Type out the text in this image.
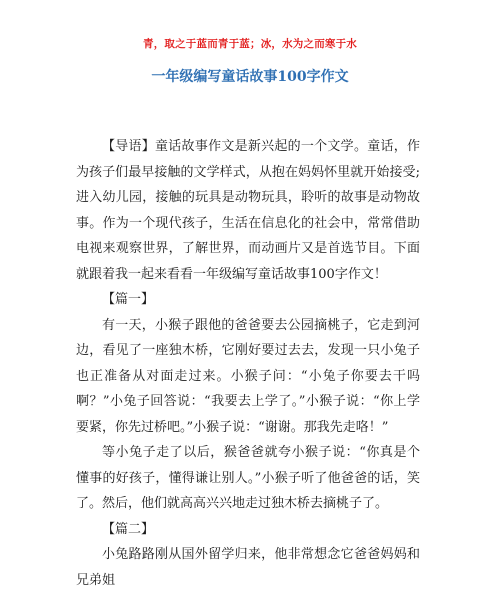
青，取之于蓝而青于蓝；冰，水为之而寒于水
一年级编写童话故事100字作文

【导语】童话故事作文是新兴起的一个文学。童话，作为孩子们最早接触的文学样式，从抱在妈妈怀里就开始接受;进入幼儿园，接触的玩具是动物玩具，聆听的故事是动物故事。作为一个现代孩子，生活在信息化的社会中，常常借助电视来观察世界，了解世界，而动画片又是首选节目。下面就跟着我一起来看看一年级编写童话故事100字作文！

【篇一】

有一天，小猴子跟他的爸爸要去公园摘桃子，它走到河边，看见了一座独木桥，它刚好要过去去，发现一只小兔子也正准备从对面走过来。小猴子问：“小兔子你要去干吗啊？”小兔子回答说：“我要去上学了。”小猴子说：“你上学要紧，你先过桥吧。”小猴子说：“谢谢。那我先走咯！”

等小兔子走了以后，猴爸爸就夸小猴子说：“你真是个懂事的好孩子，懂得谦让别人。”小猴子听了他爸爸的话，笑了。然后，他们就高高兴兴地走过独木桥去摘桃子了。

【篇二】

小兔路路刚从国外留学归来，他非常想念它爸爸妈妈和兄弟姐
